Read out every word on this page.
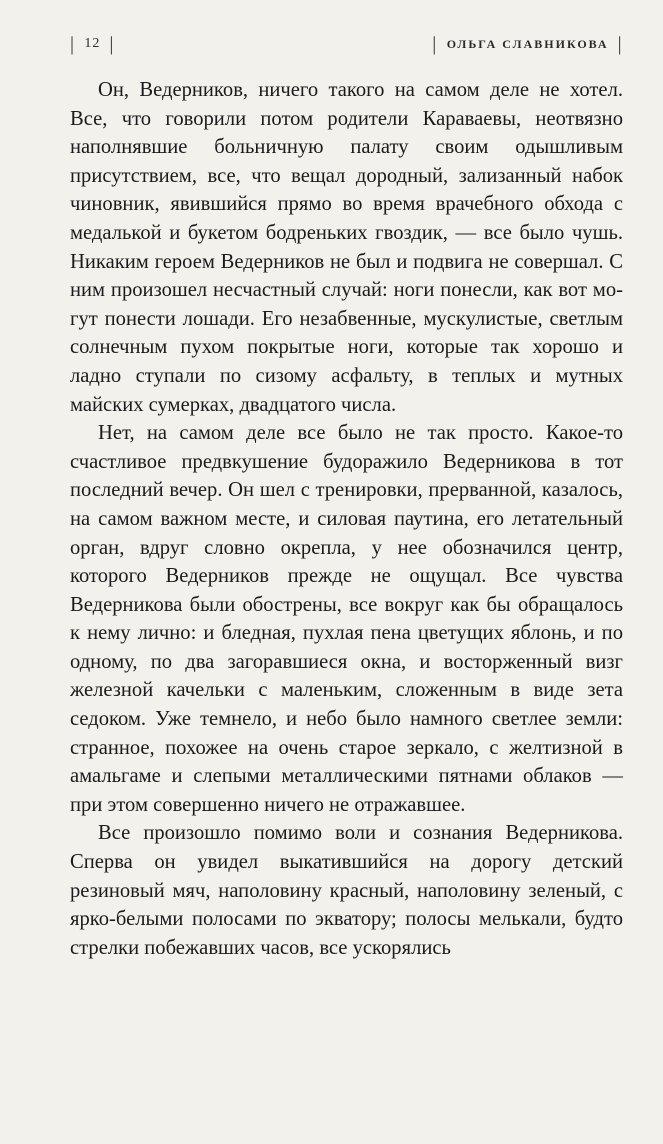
| 12 |	| ОЛЬГА СЛАВНИКОВА |

Он, Ведерников, ничего такого на самом деле не хотел. Все, что говорили потом родители Караваевы, неотвязно наполнявшие больничную палату своим одышливым присутствием, все, что вещал дородный, зализанный набок чиновник, явившийся прямо во время врачебного обхода с медалькой и букетом бодреньких гвоздик, — все было чушь. Никаким героем Ведерников не был и подвига не совершал. С ним произошел несчастный случай: ноги понесли, как вот могут понести лошади. Его незабвенные, мускулистые, светлым солнечным пухом покрытые ноги, которые так хорошо и ладно ступали по сизому асфальту, в теплых и мутных майских сумерках, двадцатого числа.

Нет, на самом деле все было не так просто. Какое-то счастливое предвкушение будоражило Ведерникова в тот последний вечер. Он шел с тренировки, прерванной, казалось, на самом важном месте, и силовая паутина, его летательный орган, вдруг словно окрепла, у нее обозначился центр, которого Ведерников прежде не ощущал. Все чувства Ведерникова были обострены, все вокруг как бы обращалось к нему лично: и бледная, пухлая пена цветущих яблонь, и по одному, по два загоравшиеся окна, и восторженный визг железной качельки с маленьким, сложенным в виде зета седоком. Уже темнело, и небо было намного светлее земли: странное, похожее на очень старое зеркало, с желтизной в амальгаме и слепыми металлическими пятнами облаков — при этом совершенно ничего не отражавшее.

Все произошло помимо воли и сознания Ведерникова. Сперва он увидел выкатившийся на дорогу детский резиновый мяч, наполовину красный, наполовину зеленый, с ярко-белыми полосами по экватору; полосы мелькали, будто стрелки побежавших часов, все ускорялись
